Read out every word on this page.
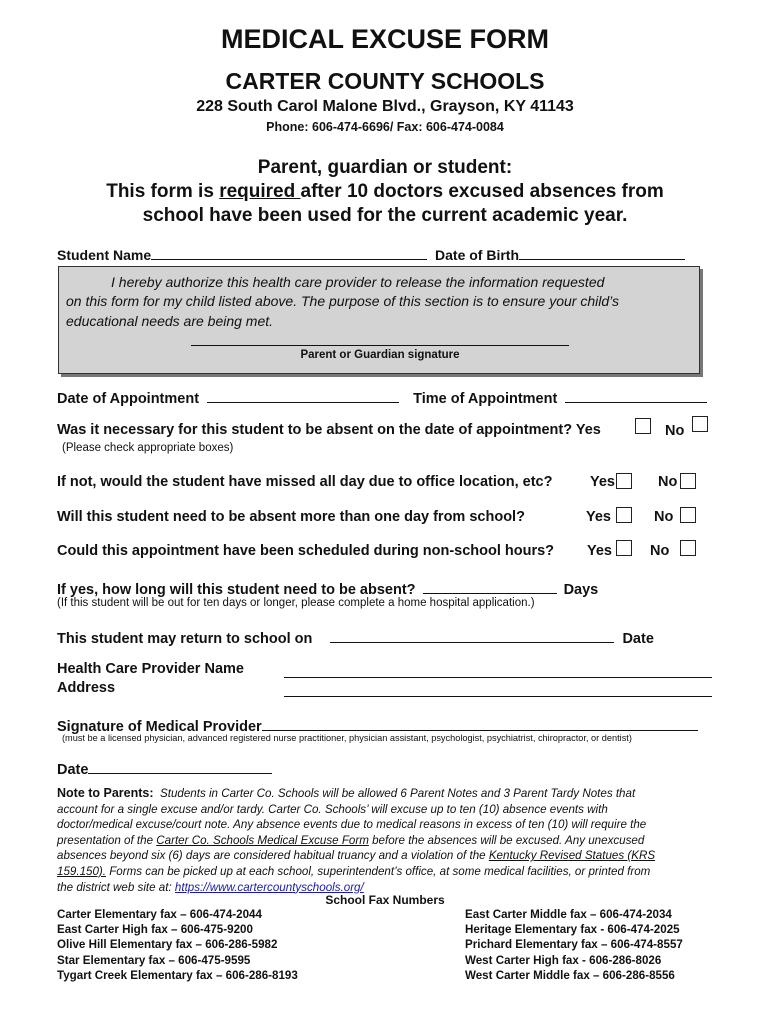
MEDICAL EXCUSE FORM
CARTER COUNTY SCHOOLS
228 South Carol Malone Blvd., Grayson, KY 41143
Phone: 606-474-6696/ Fax: 606-474-0084
Parent, guardian or student:
This form is required after 10 doctors excused absences from
school have been used for the current academic year.
Student Name	Date of Birth
I hereby authorize this health care provider to release the information requested
on this form for my child listed above. The purpose of this section is to ensure your child’s
educational needs are being met.
Parent or Guardian signature
Date of Appointment	Time of Appointment
Was it necessary for this student to be absent on the date of appointment? Yes	No
(Please check appropriate boxes)
If not, would the student have missed all day due to office location, etc?	Yes	No
Will this student need to be absent more than one day from school?	Yes	No
Could this appointment have been scheduled during non-school hours? Yes	No
If yes, how long will this student need to be absent?	Days
(If this student will be out for ten days or longer, please complete a home hospital application.)
This student may return to school on	Date
Health Care Provider Name
Address
Signature of Medical Provider
(must be a licensed physician, advanced registered nurse practitioner, physician assistant, psychologist, psychiatrist, chiropractor, or dentist)
Date
Note to Parents: Students in Carter Co. Schools will be allowed 6 Parent Notes and 3 Parent Tardy Notes that
account for a single excuse and/or tardy. Carter Co. Schools’ will excuse up to ten (10) absence events with
doctor/medical excuse/court note. Any absence events due to medical reasons in excess of ten (10) will require the
presentation of the Carter Co. Schools Medical Excuse Form before the absences will be excused. Any unexcused
absences beyond six (6) days are considered habitual truancy and a violation of the Kentucky Revised Statues (KRS
159.150). Forms can be picked up at each school, superintendent’s office, at some medical facilities, or printed from
the district web site at: https://www.cartercountyschools.org/
School Fax Numbers
Carter Elementary fax – 606-474-2044
East Carter High fax – 606-475-9200
Olive Hill Elementary fax – 606-286-5982
Star Elementary fax – 606-475-9595
Tygart Creek Elementary fax – 606-286-8193
East Carter Middle fax – 606-474-2034
Heritage Elementary fax - 606-474-2025
Prichard Elementary fax – 606-474-8557
West Carter High fax - 606-286-8026
West Carter Middle fax – 606-286-8556
